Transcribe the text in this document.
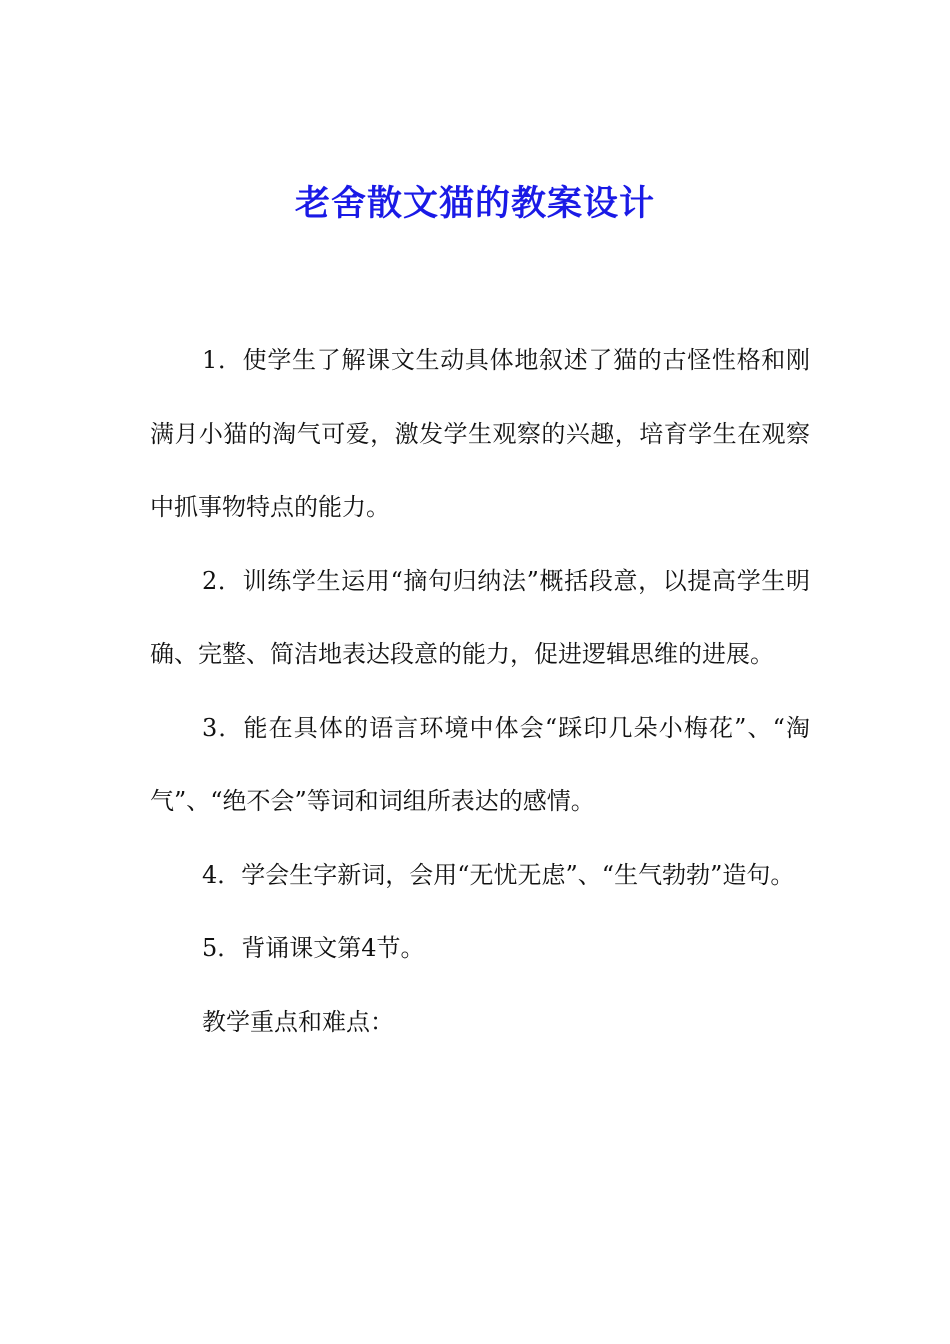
老舍散文猫的教案设计

1．使学生了解课文生动具体地叙述了猫的古怪性格和刚满月小猫的淘气可爱，激发学生观察的兴趣，培育学生在观察中抓事物特点的能力。

2．训练学生运用“摘句归纳法”概括段意，以提高学生明确、完整、简洁地表达段意的能力，促进逻辑思维的进展。

3．能在具体的语言环境中体会“踩印几朵小梅花”、“淘气”、“绝不会”等词和词组所表达的感情。

4．学会生字新词，会用“无忧无虑”、“生气勃勃”造句。

5．背诵课文第4节。

教学重点和难点：
